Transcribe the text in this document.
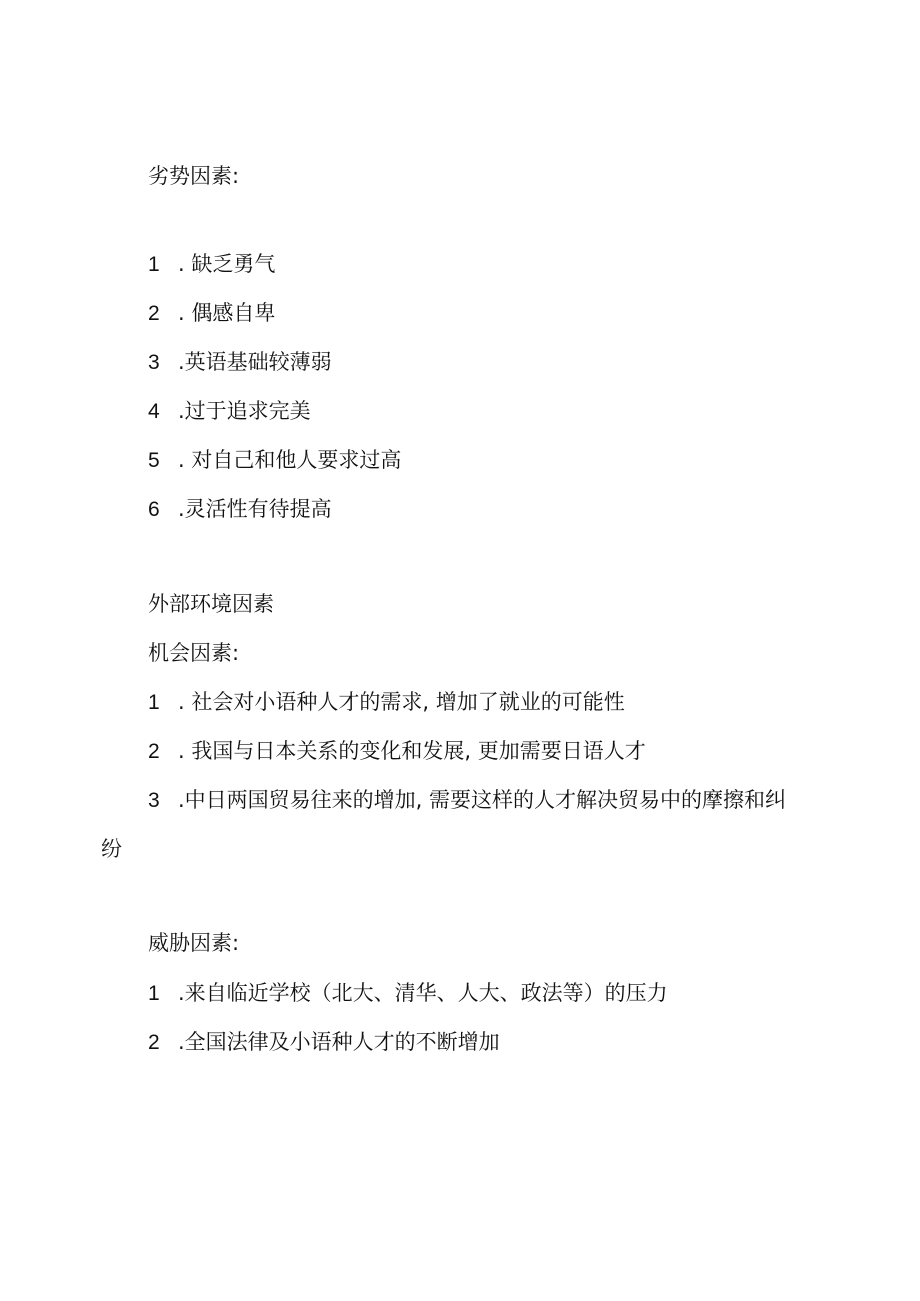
劣势因素:
1 . 缺乏勇气
2 . 偶感自卑
3 .英语基础较薄弱
4 .过于追求完美
5 . 对自己和他人要求过高
6 .灵活性有待提高
外部环境因素
机会因素:
1 . 社会对小语种人才的需求, 增加了就业的可能性
2 . 我国与日本关系的变化和发展, 更加需要日语人才
3 .中日两国贸易往来的增加, 需要这样的人才解决贸易中的摩擦和纠
纷
威胁因素:
1 .来自临近学校（北大、清华、人大、政法等）的压力
2 .全国法律及小语种人才的不断增加
